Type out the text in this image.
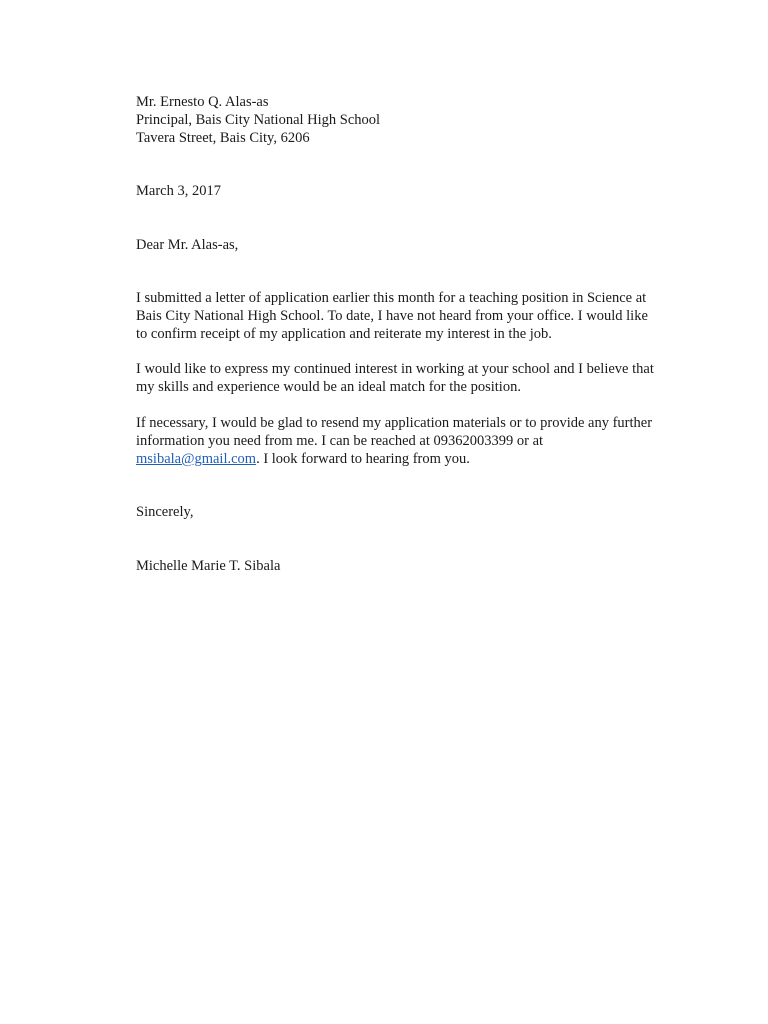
Mr. Ernesto Q. Alas-as
Principal, Bais City National High School
Tavera Street, Bais City, 6206
March 3, 2017
Dear Mr. Alas-as,
I submitted a letter of application earlier this month for a teaching position in Science at
Bais City National High School. To date, I have not heard from your office. I would like
to confirm receipt of my application and reiterate my interest in the job.
I would like to express my continued interest in working at your school and I believe that
my skills and experience would be an ideal match for the position.
If necessary, I would be glad to resend my application materials or to provide any further
information you need from me. I can be reached at 09362003399 or at
msibala@gmail.com. I look forward to hearing from you.
Sincerely,
Michelle Marie T. Sibala
